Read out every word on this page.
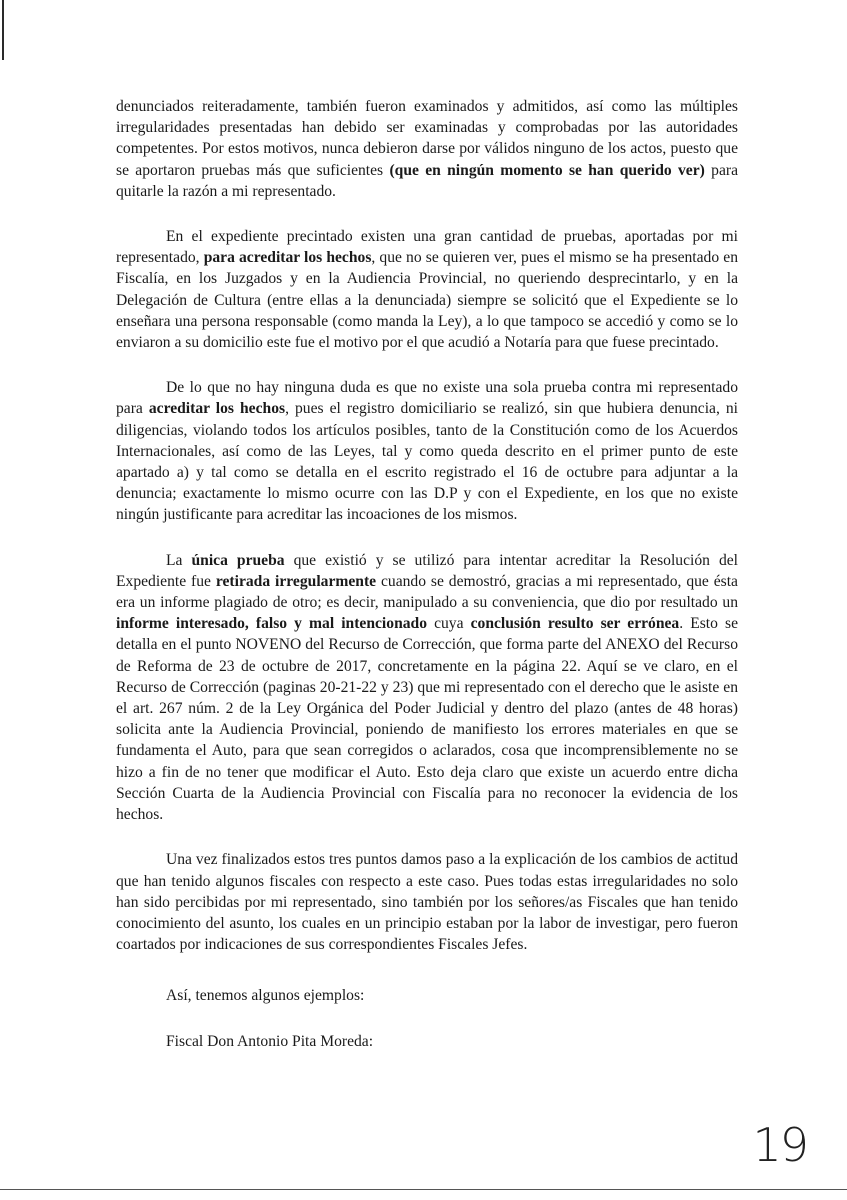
denunciados reiteradamente, también fueron examinados y admitidos, así como las múltiples irregularidades presentadas han debido ser examinadas y comprobadas por las autoridades competentes. Por estos motivos, nunca debieron darse por válidos ninguno de los actos, puesto que se aportaron pruebas más que suficientes (que en ningún momento se han querido ver) para quitarle la razón a mi representado.

En el expediente precintado existen una gran cantidad de pruebas, aportadas por mi representado, para acreditar los hechos, que no se quieren ver, pues el mismo se ha presentado en Fiscalía, en los Juzgados y en la Audiencia Provincial, no queriendo desprecintarlo, y en la Delegación de Cultura (entre ellas a la denunciada) siempre se solicitó que el Expediente se lo enseñara una persona responsable (como manda la Ley), a lo que tampoco se accedió y como se lo enviaron a su domicilio este fue el motivo por el que acudió a Notaría para que fuese precintado.

De lo que no hay ninguna duda es que no existe una sola prueba contra mi representado para acreditar los hechos, pues el registro domiciliario se realizó, sin que hubiera denuncia, ni diligencias, violando todos los artículos posibles, tanto de la Constitución como de los Acuerdos Internacionales, así como de las Leyes, tal y como queda descrito en el primer punto de este apartado a) y tal como se detalla en el escrito registrado el 16 de octubre para adjuntar a la denuncia; exactamente lo mismo ocurre con las D.P y con el Expediente, en los que no existe ningún justificante para acreditar las incoaciones de los mismos.

La única prueba que existió y se utilizó para intentar acreditar la Resolución del Expediente fue retirada irregularmente cuando se demostró, gracias a mi representado, que ésta era un informe plagiado de otro; es decir, manipulado a su conveniencia, que dio por resultado un informe interesado, falso y mal intencionado cuya conclusión resulto ser errónea. Esto se detalla en el punto NOVENO del Recurso de Corrección, que forma parte del ANEXO del Recurso de Reforma de 23 de octubre de 2017, concretamente en la página 22. Aquí se ve claro, en el Recurso de Corrección (paginas 20-21-22 y 23) que mi representado con el derecho que le asiste en el art. 267 núm. 2 de la Ley Orgánica del Poder Judicial y dentro del plazo (antes de 48 horas) solicita ante la Audiencia Provincial, poniendo de manifiesto los errores materiales en que se fundamenta el Auto, para que sean corregidos o aclarados, cosa que incomprensiblemente no se hizo a fin de no tener que modificar el Auto. Esto deja claro que existe un acuerdo entre dicha Sección Cuarta de la Audiencia Provincial con Fiscalía para no reconocer la evidencia de los hechos.

Una vez finalizados estos tres puntos damos paso a la explicación de los cambios de actitud que han tenido algunos fiscales con respecto a este caso. Pues todas estas irregularidades no solo han sido percibidas por mi representado, sino también por los señores/as Fiscales que han tenido conocimiento del asunto, los cuales en un principio estaban por la labor de investigar, pero fueron coartados por indicaciones de sus correspondientes Fiscales Jefes.

Así, tenemos algunos ejemplos:
Fiscal Don Antonio Pita Moreda:
19
